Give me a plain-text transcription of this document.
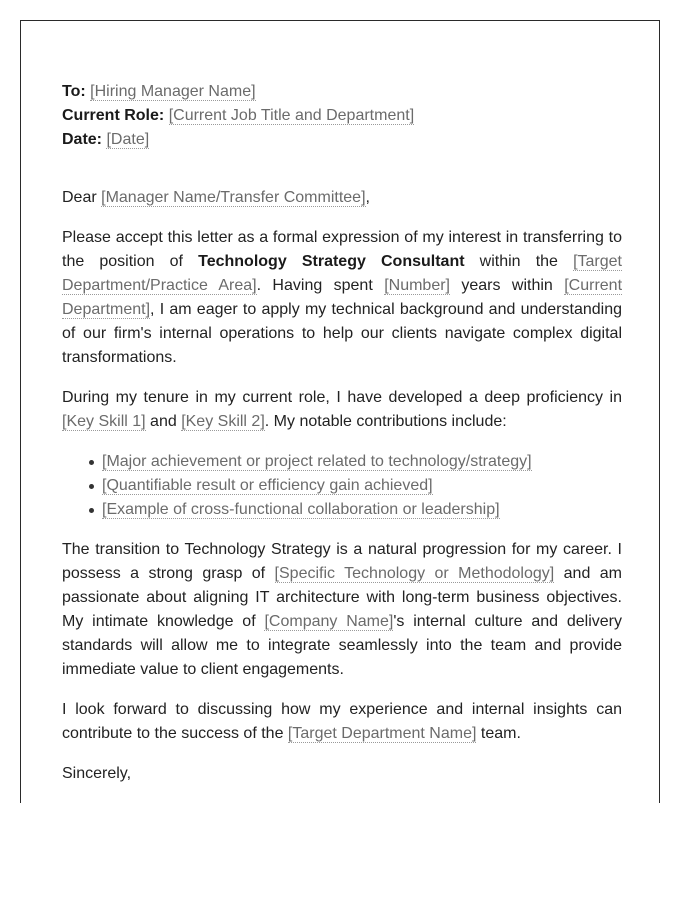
To: [Hiring Manager Name]

Current Role: [Current Job Title and Department]

Date: [Date]

Dear [Manager Name/Transfer Committee],

Please accept this letter as a formal expression of my interest in transferring to the position of Technology Strategy Consultant within the [Target Department/Practice Area]. Having spent [Number] years within [Current Department], I am eager to apply my technical background and understanding of our firm's internal operations to help our clients navigate complex digital transformations.

During my tenure in my current role, I have developed a deep proficiency in [Key Skill 1] and [Key Skill 2]. My notable contributions include:

[Major achievement or project related to technology/strategy]
[Quantifiable result or efficiency gain achieved]
[Example of cross-functional collaboration or leadership]

The transition to Technology Strategy is a natural progression for my career. I possess a strong grasp of [Specific Technology or Methodology] and am passionate about aligning IT architecture with long-term business objectives. My intimate knowledge of [Company Name]'s internal culture and delivery standards will allow me to integrate seamlessly into the team and provide immediate value to client engagements.

I look forward to discussing how my experience and internal insights can contribute to the success of the [Target Department Name] team.

Sincerely,
